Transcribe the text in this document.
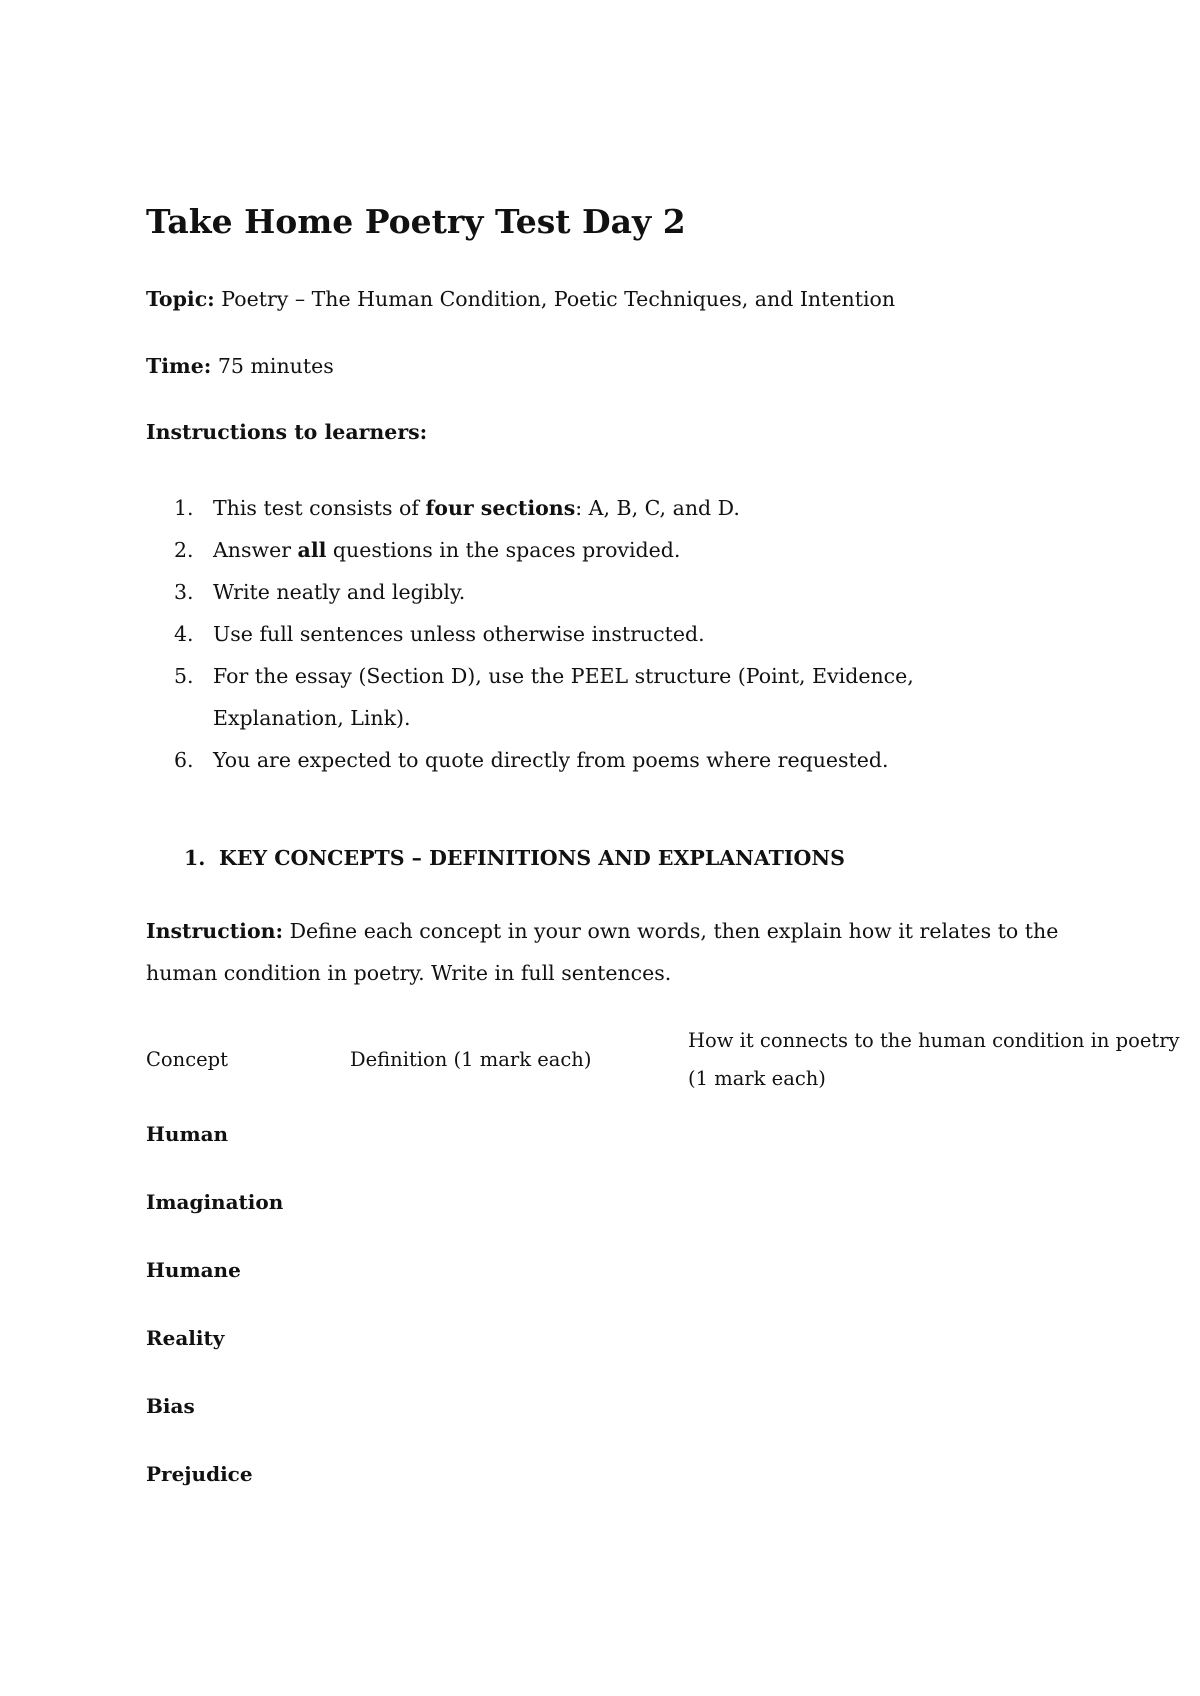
Take Home Poetry Test Day 2

Topic: Poetry – The Human Condition, Poetic Techniques, and Intention

Time: 75 minutes

Instructions to learners:

1. This test consists of four sections: A, B, C, and D.
2. Answer all questions in the spaces provided.
3. Write neatly and legibly.
4. Use full sentences unless otherwise instructed.
5. For the essay (Section D), use the PEEL structure (Point, Evidence, Explanation, Link).
6. You are expected to quote directly from poems where requested.
1. KEY CONCEPTS – DEFINITIONS AND EXPLANATIONS

Instruction: Define each concept in your own words, then explain how it relates to the human condition in poetry. Write in full sentences.

Concept	Definition (1 mark each)	How it connects to the human condition in poetry (1 mark each)
Human		
Imagination		
Humane		
Reality		
Bias		
Prejudice		
